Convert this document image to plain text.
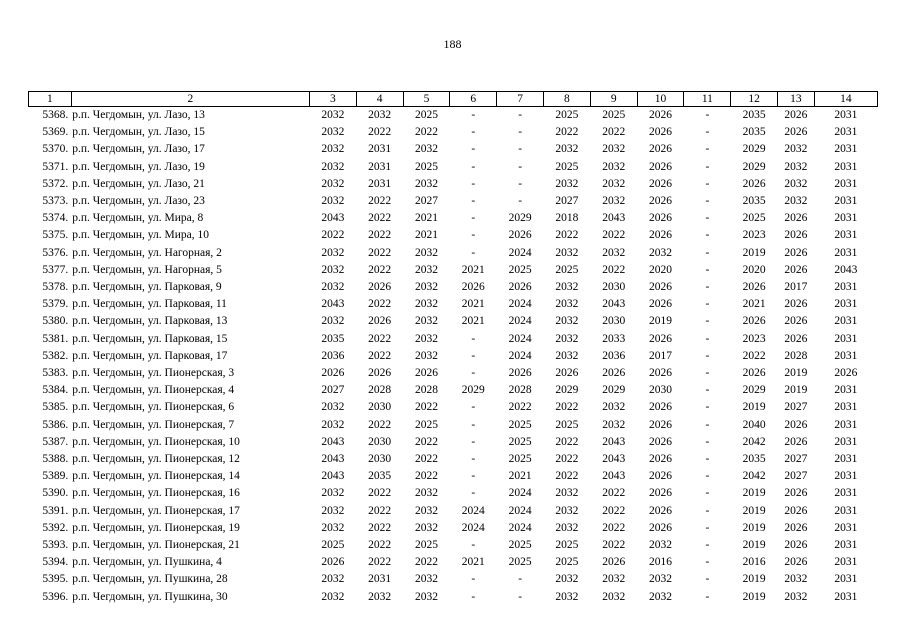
188
1	2	3	4	5	6	7	8	9	10	11	12	13	14
5368.	р.п. Чегдомын, ул. Лазо, 13	2032	2032	2025	-	-	2025	2025	2026	-	2035	2026	2031
5369.	р.п. Чегдомын, ул. Лазо, 15	2032	2022	2022	-	-	2022	2022	2026	-	2035	2026	2031
5370.	р.п. Чегдомын, ул. Лазо, 17	2032	2031	2032	-	-	2032	2032	2026	-	2029	2032	2031
5371.	р.п. Чегдомын, ул. Лазо, 19	2032	2031	2025	-	-	2025	2032	2026	-	2029	2032	2031
5372.	р.п. Чегдомын, ул. Лазо, 21	2032	2031	2032	-	-	2032	2032	2026	-	2026	2032	2031
5373.	р.п. Чегдомын, ул. Лазо, 23	2032	2022	2027	-	-	2027	2032	2026	-	2035	2032	2031
5374.	р.п. Чегдомын, ул. Мира, 8	2043	2022	2021	-	2029	2018	2043	2026	-	2025	2026	2031
5375.	р.п. Чегдомын, ул. Мира, 10	2022	2022	2021	-	2026	2022	2022	2026	-	2023	2026	2031
5376.	р.п. Чегдомын, ул. Нагорная, 2	2032	2022	2032	-	2024	2032	2032	2032	-	2019	2026	2031
5377.	р.п. Чегдомын, ул. Нагорная, 5	2032	2022	2032	2021	2025	2025	2022	2020	-	2020	2026	2043
5378.	р.п. Чегдомын, ул. Парковая, 9	2032	2026	2032	2026	2026	2032	2030	2026	-	2026	2017	2031
5379.	р.п. Чегдомын, ул. Парковая, 11	2043	2022	2032	2021	2024	2032	2043	2026	-	2021	2026	2031
5380.	р.п. Чегдомын, ул. Парковая, 13	2032	2026	2032	2021	2024	2032	2030	2019	-	2026	2026	2031
5381.	р.п. Чегдомын, ул. Парковая, 15	2035	2022	2032	-	2024	2032	2033	2026	-	2023	2026	2031
5382.	р.п. Чегдомын, ул. Парковая, 17	2036	2022	2032	-	2024	2032	2036	2017	-	2022	2028	2031
5383.	р.п. Чегдомын, ул. Пионерская, 3	2026	2026	2026	-	2026	2026	2026	2026	-	2026	2019	2026
5384.	р.п. Чегдомын, ул. Пионерская, 4	2027	2028	2028	2029	2028	2029	2029	2030	-	2029	2019	2031
5385.	р.п. Чегдомын, ул. Пионерская, 6	2032	2030	2022	-	2022	2022	2032	2026	-	2019	2027	2031
5386.	р.п. Чегдомын, ул. Пионерская, 7	2032	2022	2025	-	2025	2025	2032	2026	-	2040	2026	2031
5387.	р.п. Чегдомын, ул. Пионерская, 10	2043	2030	2022	-	2025	2022	2043	2026	-	2042	2026	2031
5388.	р.п. Чегдомын, ул. Пионерская, 12	2043	2030	2022	-	2025	2022	2043	2026	-	2035	2027	2031
5389.	р.п. Чегдомын, ул. Пионерская, 14	2043	2035	2022	-	2021	2022	2043	2026	-	2042	2027	2031
5390.	р.п. Чегдомын, ул. Пионерская, 16	2032	2022	2032	-	2024	2032	2022	2026	-	2019	2026	2031
5391.	р.п. Чегдомын, ул. Пионерская, 17	2032	2022	2032	2024	2024	2032	2022	2026	-	2019	2026	2031
5392.	р.п. Чегдомын, ул. Пионерская, 19	2032	2022	2032	2024	2024	2032	2022	2026	-	2019	2026	2031
5393.	р.п. Чегдомын, ул. Пионерская, 21	2025	2022	2025	-	2025	2025	2022	2032	-	2019	2026	2031
5394.	р.п. Чегдомын, ул. Пушкина, 4	2026	2022	2022	2021	2025	2025	2026	2016	-	2016	2026	2031
5395.	р.п. Чегдомын, ул. Пушкина, 28	2032	2031	2032	-	-	2032	2032	2032	-	2019	2032	2031
5396.	р.п. Чегдомын, ул. Пушкина, 30	2032	2032	2032	-	-	2032	2032	2032	-	2019	2032	2031
